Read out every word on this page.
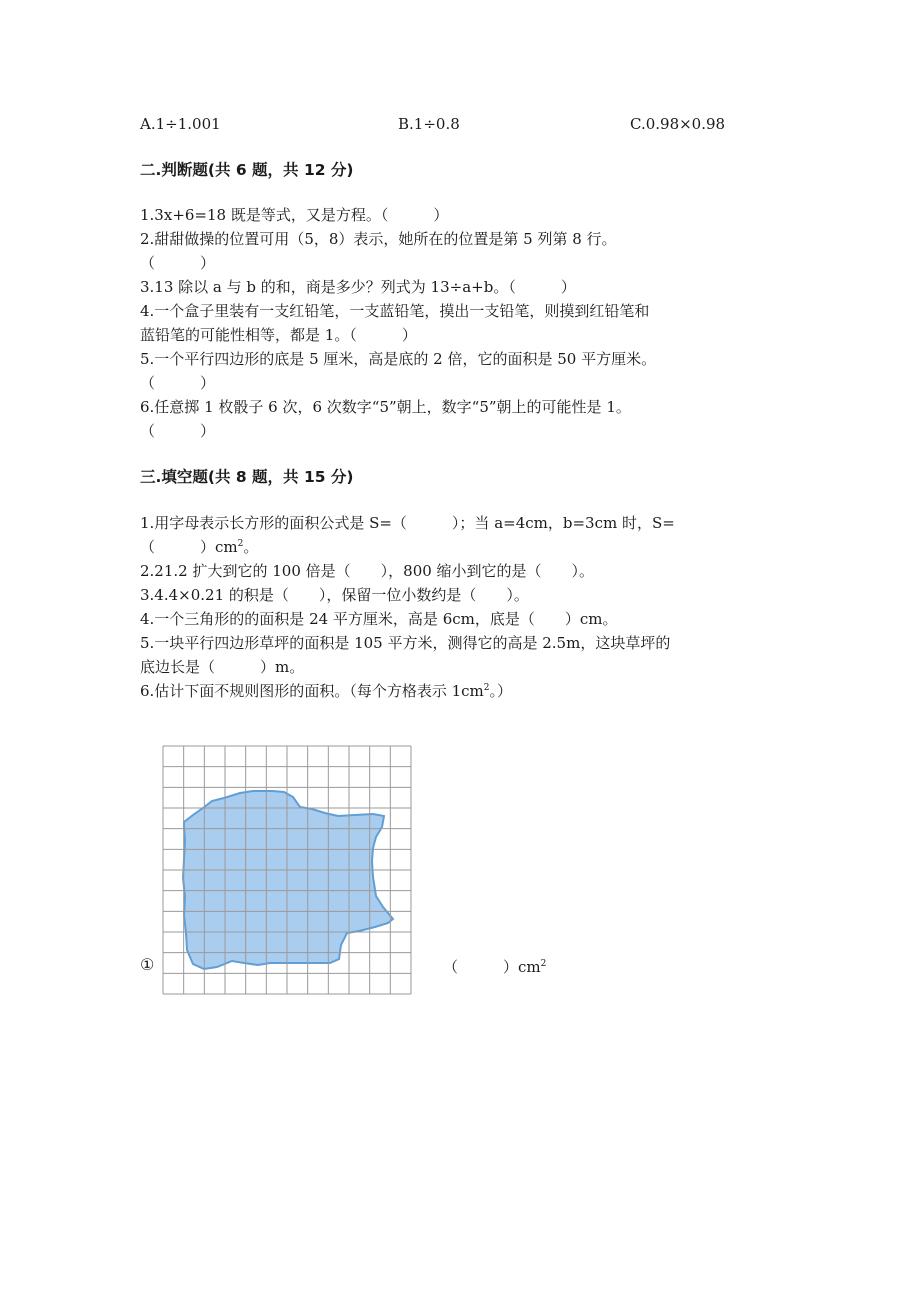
A.1÷1.001	B.1÷0.8	C.0.98×0.98
二.判断题(共 6 题，共 12 分)
1.3x+6=18 既是等式，又是方程。（　　　）
2.甜甜做操的位置可用（5，8）表示，她所在的位置是第 5 列第 8 行。
（　　　）
3.13 除以 a 与 b 的和，商是多少？列式为 13÷a+b。（　　　）
4.一个盒子里装有一支红铅笔，一支蓝铅笔，摸出一支铅笔，则摸到红铅笔和
蓝铅笔的可能性相等，都是 1。（　　　）
5.一个平行四边形的底是 5 厘米，高是底的 2 倍，它的面积是 50 平方厘米。
（　　　）
6.任意掷 1 枚骰子 6 次，6 次数字“5”朝上，数字“5”朝上的可能性是 1。
（　　　）
三.填空题(共 8 题，共 15 分)
1.用字母表示长方形的面积公式是 S=（　　　）；当 a=4cm，b=3cm 时，S=
（　　　）$cm^2$。
2.21.2 扩大到它的 100 倍是（　　），800 缩小到它的是（　　）。
3.4.4×0.21 的积是（　　），保留一位小数约是（　　）。
4.一个三角形的的面积是 24 平方厘米，高是 6cm，底是（　　）cm。
5.一块平行四边形草坪的面积是 105 平方米，测得它的高是 2.5m，这块草坪的
底边长是（　　　）m。
6.估计下面不规则图形的面积。（每个方格表示 $1cm^2$。）
①	（　　　）$cm^2$
